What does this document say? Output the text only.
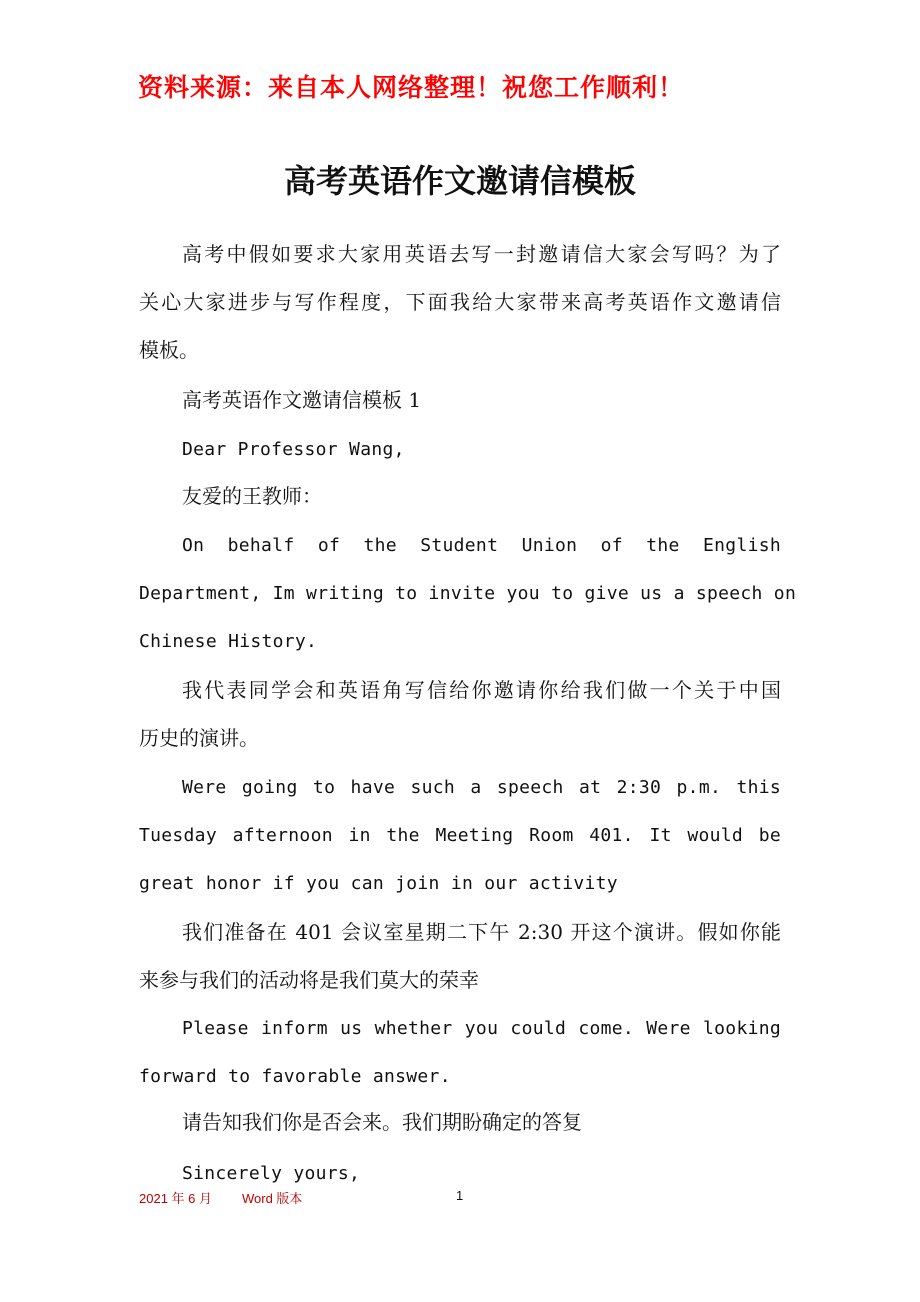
资料来源：来自本人网络整理！祝您工作顺利！
高考英语作文邀请信模板
高考中假如要求大家用英语去写一封邀请信大家会写吗？为了
关心大家进步与写作程度，下面我给大家带来高考英语作文邀请信
模板。
高考英语作文邀请信模板 1
Dear Professor Wang,
友爱的王教师：
On behalf of the Student Union of the English
Department, Im writing to invite you to give us a speech on
Chinese History.
我代表同学会和英语角写信给你邀请你给我们做一个关于中国
历史的演讲。
Were going to have such a speech at 2:30 p.m. this
Tuesday afternoon in the Meeting Room 401. It would be
great honor if you can join in our activity
我们准备在 401 会议室星期二下午 2:30 开这个演讲。假如你能
来参与我们的活动将是我们莫大的荣幸
Please inform us whether you could come. Were looking
forward to favorable answer.
请告知我们你是否会来。我们期盼确定的答复
Sincerely yours,
2021 年 6 月 Word 版本	1
